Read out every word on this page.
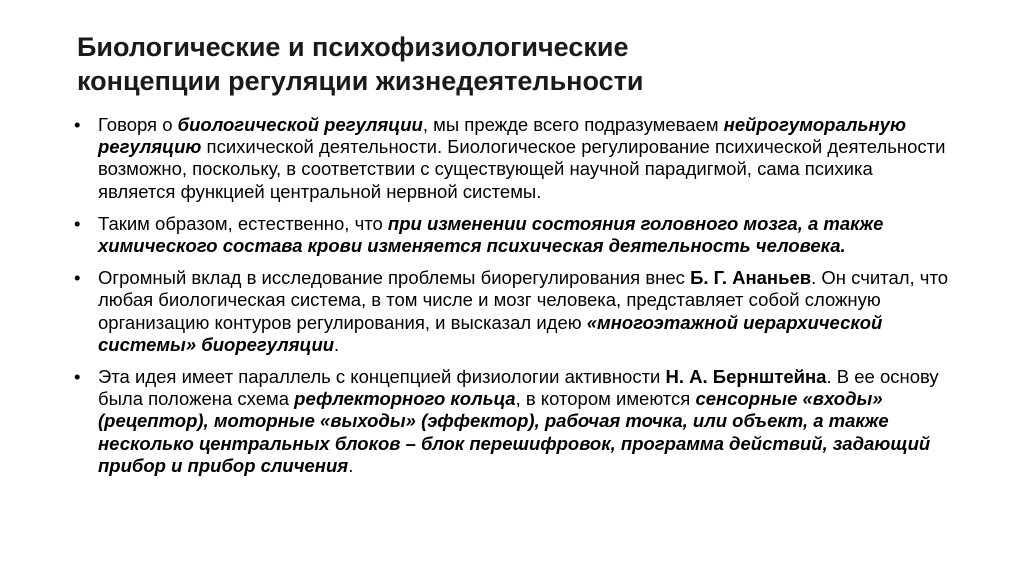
Биологические и психофизиологические
концепции регуляции жизнедеятельности
• Говоря о биологической регуляции, мы прежде всего подразумеваем нейрогуморальную регуляцию психической деятельности. Биологическое регулирование психической деятельности возможно, поскольку, в соответствии с существующей научной парадигмой, сама психика является функцией центральной нервной системы.
• Таким образом, естественно, что при изменении состояния головного мозга, а также химического состава крови изменяется психическая деятельность человека.
• Огромный вклад в исследование проблемы биорегулирования внес Б. Г. Ананьев. Он считал, что любая биологическая система, в том числе и мозг человека, представляет собой сложную организацию контуров регулирования, и высказал идею «многоэтажной иерархической системы» биорегуляции.
• Эта идея имеет параллель с концепцией физиологии активности Н. А. Бернштейна. В ее основу была положена схема рефлекторного кольца, в котором имеются сенсорные «входы» (рецептор), моторные «выходы» (эффектор), рабочая точка, или объект, а также несколько центральных блоков – блок перешифровок, программа действий, задающий прибор и прибор сличения.
